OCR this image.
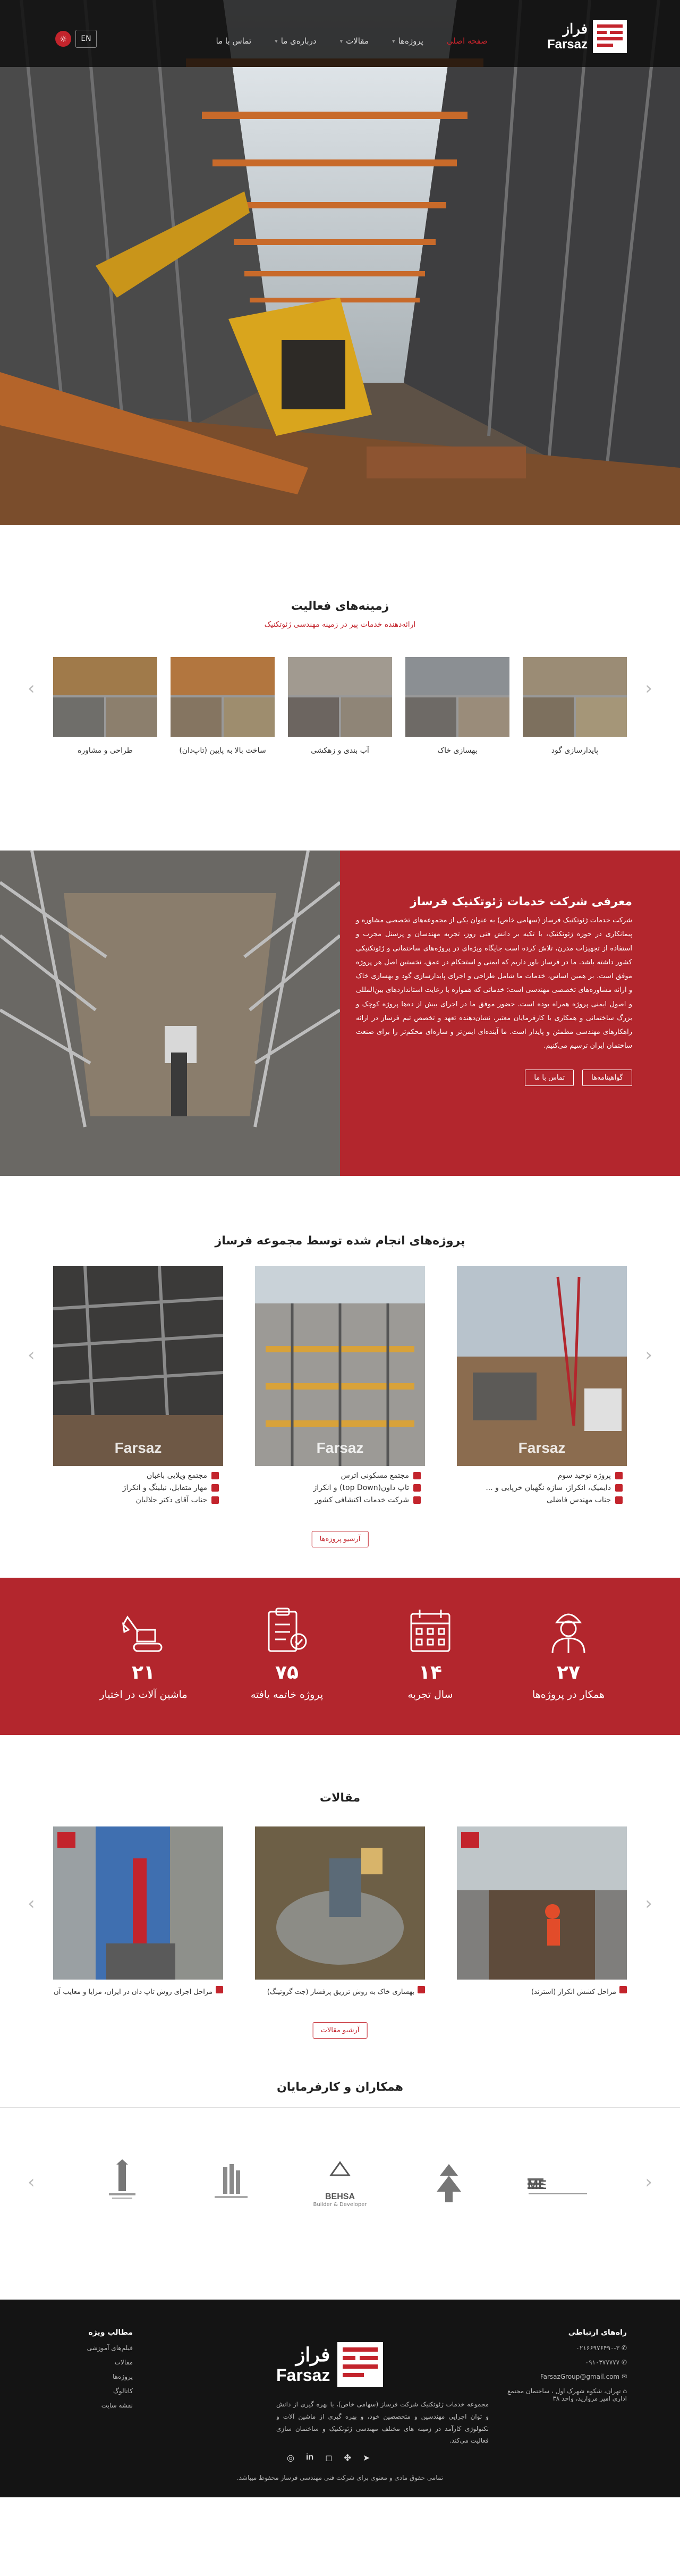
فراز
Farsaz
صفحه اصلی
پروژه‌ها
▾
مقالات
▾
درباره‌ی ما
▾
تماس با ما
☼	EN
زمینه‌های فعالیت

ارائه‌دهنده خدمات پیر در زمینه مهندسی ژئوتکنیک

‹	›
پایدارسازی گود
بهسازی خاک
آب بندی و زهکشی
ساخت بالا به پایین (تاپ‌دان)
طراحی و مشاوره
معرفی شرکت خدمات ژئوتکنیک فرساز

شرکت خدمات ژئوتکنیک فرساز (سهامی خاص) به عنوان یکی از مجموعه‌های تخصصی مشاوره و پیمانکاری در حوزه ژئوتکنیک، با تکیه بر دانش فنی روز، تجربه مهندسان و پرسنل مجرب و استفاده از تجهیزات مدرن، تلاش کرده است جایگاه ویژه‌ای در پروژه‌های ساختمانی و ژئوتکنیکی کشور داشته باشد. ما در فرساز باور داریم که ایمنی و استحکام در عمق، نخستین اصل هر پروژه موفق است. بر همین اساس، خدمات ما شامل طراحی و اجرای پایدارسازی گود و بهسازی خاک و ارائه مشاوره‌های تخصصی مهندسی است؛ خدماتی که همواره با رعایت استانداردهای بین‌المللی و اصول ایمنی پروژه همراه بوده است. حضور موفق ما در اجرای بیش از ده‌ها پروژه کوچک و بزرگ ساختمانی و همکاری با کارفرمایان معتبر، نشان‌دهنده تعهد و تخصص تیم فرساز در ارائه راهکارهای مهندسی مطمئن و پایدار است. ما آینده‌ای ایمن‌تر و سازه‌ای محکم‌تر را برای صنعت ساختمان ایران ترسیم می‌کنیم.

گواهینامه‌ها
تماس با ما
پروژه‌های انجام شده توسط مجموعه فرساز
‹	›
Farsaz
پروژه توحید سوم
دایمیک، انکراژ، سازه نگهبان خرپایی و ...
جناب مهندس فاضلی
Farsaz
مجتمع مسکونی اترس
تاپ داون(top Down) و انکراژ
شرکت خدمات اکتشافی کشور
Farsaz
مجتمع ویلایی باغبان
مهار متقابل، نیلینگ و انکراژ
جناب آقای دکتر جلالیان
آرشیو پروژه‌ها
۲۷
همکار در پروژه‌ها
۱۴
سال تجربه
۷۵
پروژه خاتمه یافته
۲۱
ماشین آلات در اختیار
مقالات
‹	›
مراحل کشش انکراژ (استرند)
بهسازی خاک به روش تزریق پرفشار (جت گروتینگ)
مراحل اجرای روش تاپ دان در ایران، مزایا و معایب آن
آرشیو مقالات
همکاران و کارفرمایان
‹	›
ME
BEHSA
Builder & Developer
راه‌های ارتباطی
✆ ۰۲۱۶۶۹۷۶۴۹۰-۳
✆ ۰۹۱۰۳۷۷۷۷۷
✉ FarsazGroup@gmail.com
⌂ تهران، شکوه شهرک اول ، ساختمان مجتمع اداری امیر مروارید، واحد ۳۸
فراز
Farsaz

مجموعه خدمات ژئوتکنیک شرکت فرساز (سهامی خاص)، با بهره گیری از دانش و توان اجرایی مهندسین و متخصصین خود، و بهره گیری از ماشین آلات و تکنولوژی کارآمد در زمینه های مختلف مهندسی ژئوتکنیک و ساختمان سازی فعالیت می‌کند.

مطالب ویژه
فیلم‌های آموزشی
مقالات
پروژه‌ها
کاتالوگ
نقشه سایت
◎ in ◻ ✤ ➤
تمامی حقوق مادی و معنوی برای شرکت فنی مهندسی فرساز محفوظ میباشد.
